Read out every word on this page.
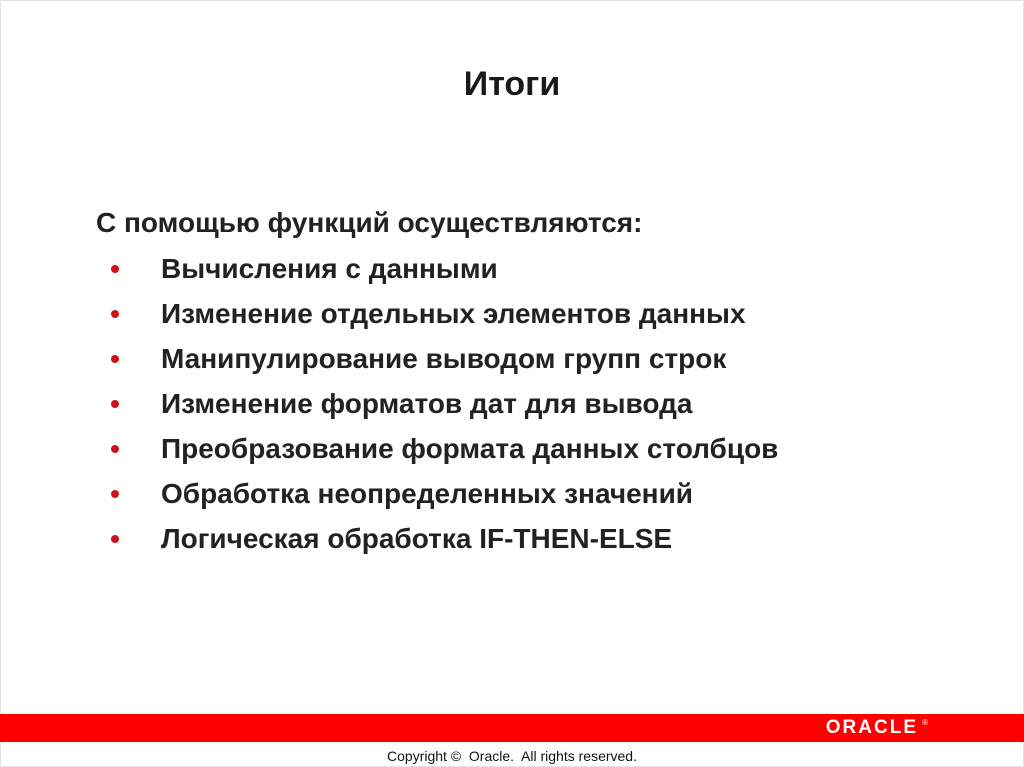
Итоги
С помощью функций осуществляются:
Вычисления с данными
Изменение отдельных элементов данных
Манипулирование выводом групп строк
Изменение форматов дат для вывода
Преобразование формата данных столбцов
Обработка неопределенных значений
Логическая обработка IF-THEN-ELSE
ORACLE ®
Copyright ©  Oracle.  All rights reserved.
